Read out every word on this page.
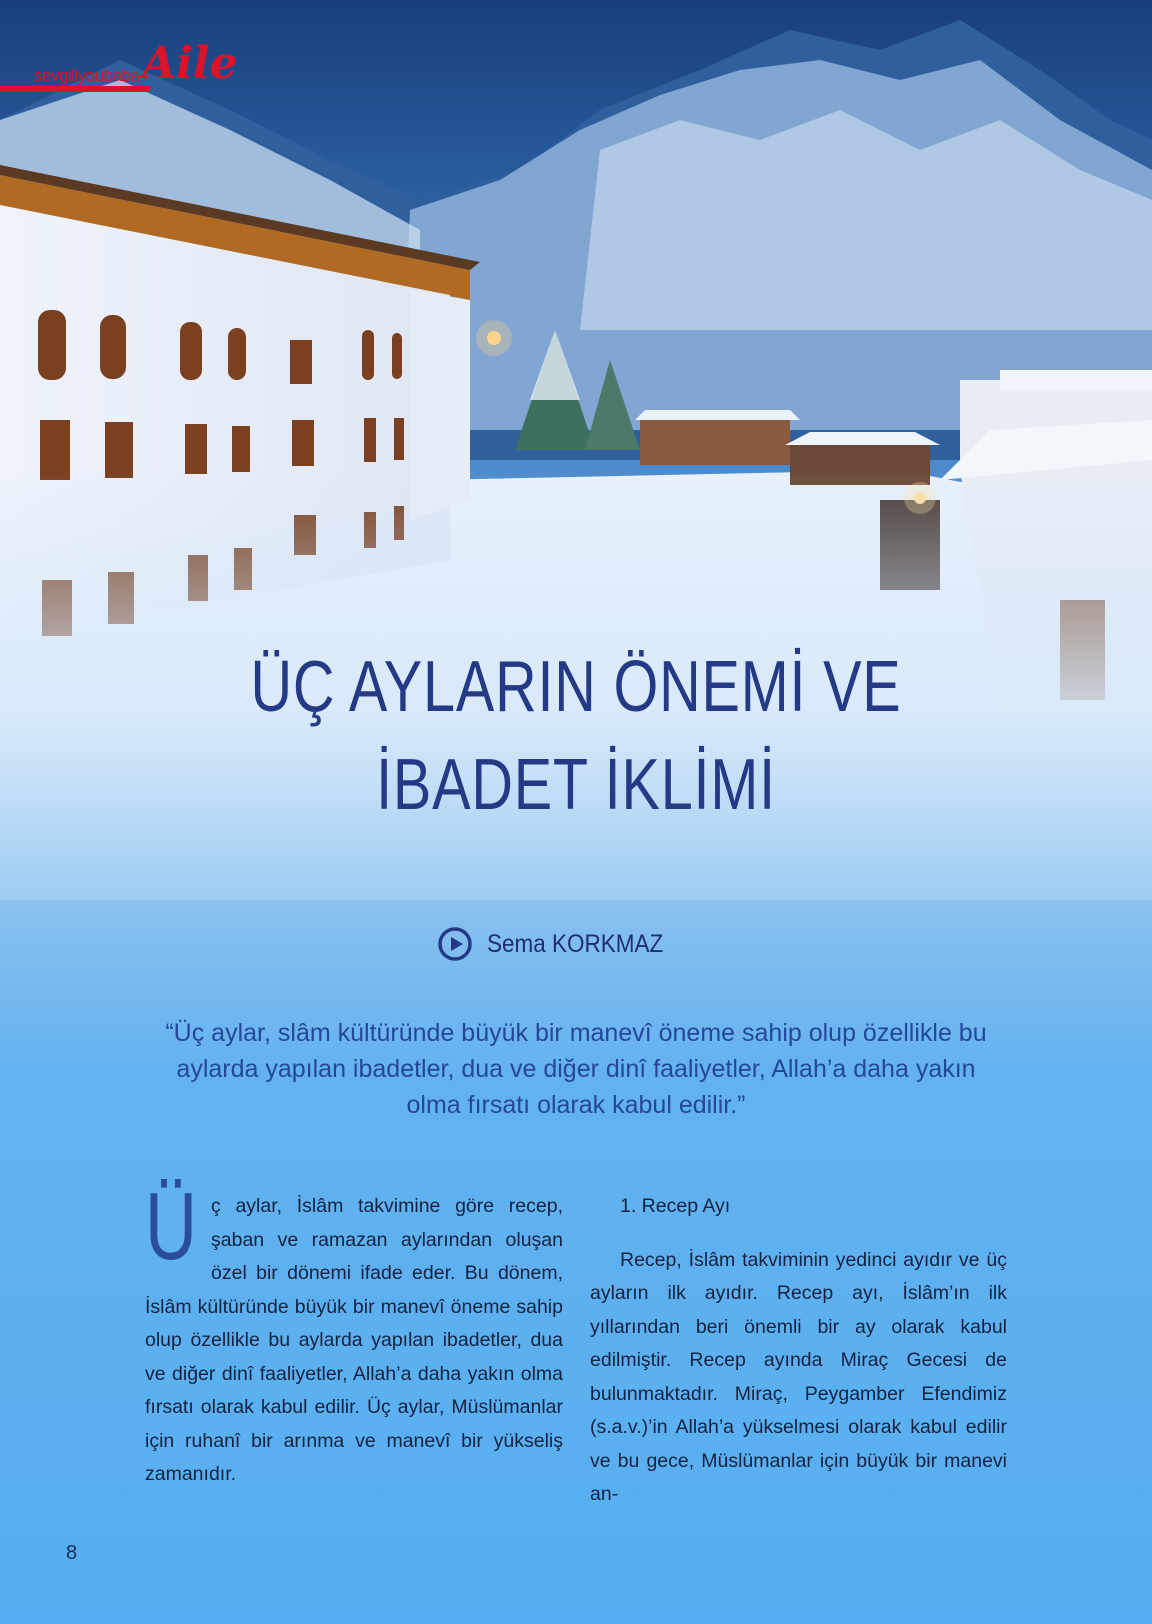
sevgiliyoubaba Aile
ÜÇ AYLARIN ÖNEMİ VE
İBADET İKLİMİ
Sema KORKMAZ

“Üç aylar, slâm kültüründe büyük bir manevî öneme sahip olup özellikle bu aylarda yapılan ibadetler, dua ve diğer dinî faaliyetler, Allah’a daha yakın olma fırsatı olarak kabul edilir.”

Üç aylar, İslâm takvimine göre recep, şaban ve ramazan aylarından oluşan özel bir dönemi ifade eder. Bu dönem, İslâm kültüründe büyük bir manevî öneme sahip olup özellikle bu aylarda yapılan ibadetler, dua ve diğer dinî faaliyetler, Allah’a daha yakın olma fırsatı olarak kabul edilir. Üç aylar, Müslümanlar için ruhanî bir arınma ve manevî bir yükseliş zamanıdır.

1. Recep Ayı

Recep, İslâm takviminin yedinci ayıdır ve üç ayların ilk ayıdır. Recep ayı, İslâm’ın ilk yıllarından beri önemli bir ay olarak kabul edilmiştir. Recep ayında Miraç Gecesi de bulunmaktadır. Miraç, Peygamber Efendimiz (s.a.v.)’in Allah’a yükselmesi olarak kabul edilir ve bu gece, Müslümanlar için büyük bir manevi an-

8
